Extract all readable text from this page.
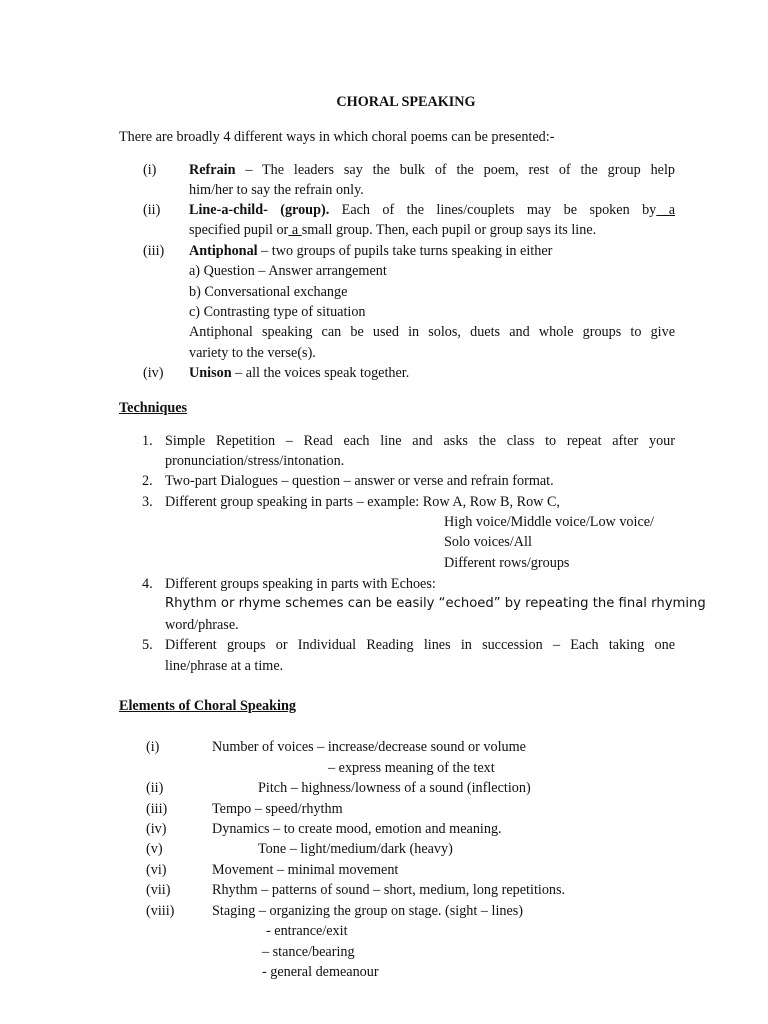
CHORAL SPEAKING
There are broadly 4 different ways in which choral poems can be presented:-
(i) Refrain – The leaders say the bulk of the poem, rest of the group help
him/her to say the refrain only.
(ii) Line-a-child- (group). Each of the lines/couplets may be spoken by a
specified pupil or a small group. Then, each pupil or group says its line.
(iii) Antiphonal – two groups of pupils take turns speaking in either
a) Question – Answer arrangement
b) Conversational exchange
c) Contrasting type of situation
Antiphonal speaking can be used in solos, duets and whole groups to give
variety to the verse(s).
(iv) Unison – all the voices speak together.
Techniques
1. Simple Repetition – Read each line and asks the class to repeat after your
pronunciation/stress/intonation.
2. Two-part Dialogues – question – answer or verse and refrain format.
3. Different group speaking in parts – example: Row A, Row B, Row C,
High voice/Middle voice/Low voice/
Solo voices/All
Different rows/groups
4. Different groups speaking in parts with Echoes:
Rhythm or rhyme schemes can be easily “echoed” by repeating the final rhyming
word/phrase.
5. Different groups or Individual Reading lines in succession – Each taking one
line/phrase at a time.
Elements of Choral Speaking
(i)	Number of voices – increase/decrease sound or volume
– express meaning of the text
(ii)	Pitch – highness/lowness of a sound (inflection)
(iii)	Tempo – speed/rhythm
(iv)	Dynamics – to create mood, emotion and meaning.
(v)	Tone – light/medium/dark (heavy)
(vi)	Movement – minimal movement
(vii)	Rhythm – patterns of sound – short, medium, long repetitions.
(viii)	Staging – organizing the group on stage. (sight – lines)
- entrance/exit
– stance/bearing
- general demeanour
